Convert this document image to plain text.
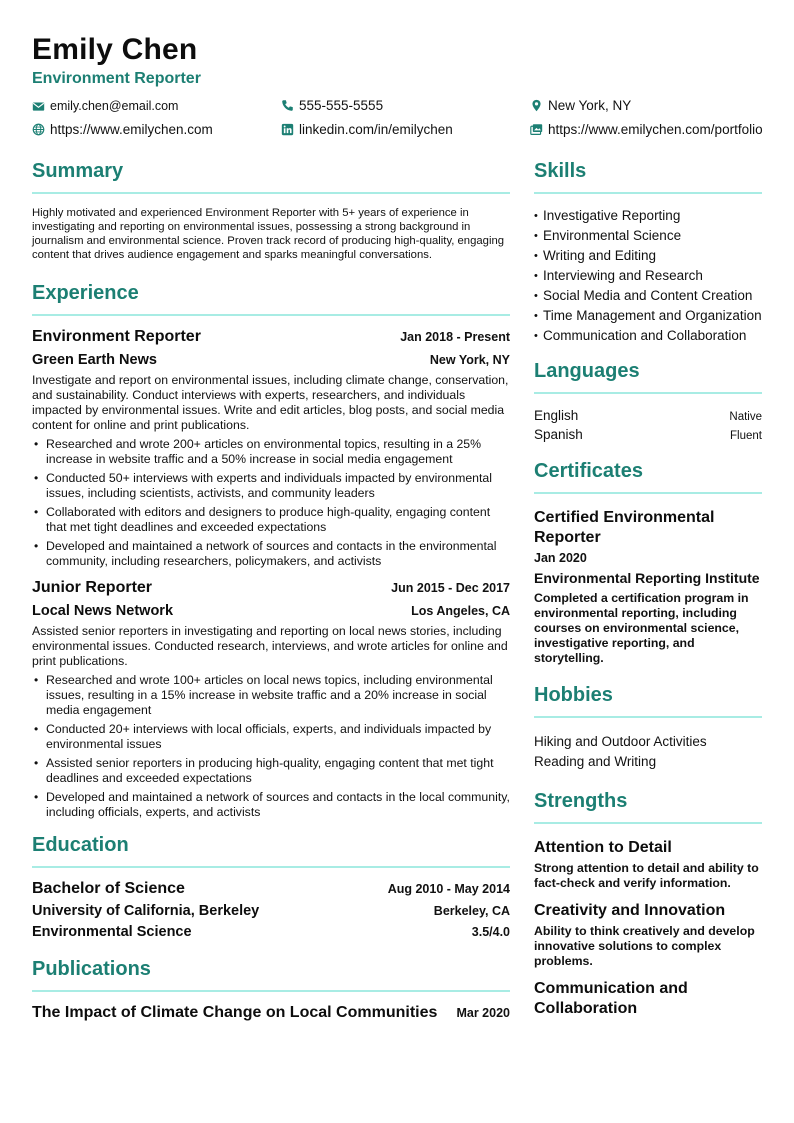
Emily Chen
Environment Reporter
emily.chen@email.com	555-555-5555	New York, NY
https://www.emilychen.com	linkedin.com/in/emilychen	https://www.emilychen.com/portfolio
Summary
Highly motivated and experienced Environment Reporter with 5+ years of experience in investigating and reporting on environmental issues, possessing a strong background in journalism and environmental science. Proven track record of producing high-quality, engaging content that drives audience engagement and sparks meaningful conversations.
Experience
Environment Reporter	Jan 2018 - Present
Green Earth News	New York, NY
Investigate and report on environmental issues, including climate change, conservation, and sustainability. Conduct interviews with experts, researchers, and individuals impacted by environmental issues. Write and edit articles, blog posts, and social media content for online and print publications.
• Researched and wrote 200+ articles on environmental topics, resulting in a 25% increase in website traffic and a 50% increase in social media engagement
• Conducted 50+ interviews with experts and individuals impacted by environmental issues, including scientists, activists, and community leaders
• Collaborated with editors and designers to produce high-quality, engaging content that met tight deadlines and exceeded expectations
• Developed and maintained a network of sources and contacts in the environmental community, including researchers, policymakers, and activists
Junior Reporter	Jun 2015 - Dec 2017
Local News Network	Los Angeles, CA
Assisted senior reporters in investigating and reporting on local news stories, including environmental issues. Conducted research, interviews, and wrote articles for online and print publications.
• Researched and wrote 100+ articles on local news topics, including environmental issues, resulting in a 15% increase in website traffic and a 20% increase in social media engagement
• Conducted 20+ interviews with local officials, experts, and individuals impacted by environmental issues
• Assisted senior reporters in producing high-quality, engaging content that met tight deadlines and exceeded expectations
• Developed and maintained a network of sources and contacts in the local community, including officials, experts, and activists
Education
Bachelor of Science	Aug 2010 - May 2014
University of California, Berkeley	Berkeley, CA
Environmental Science	3.5/4.0
Publications
The Impact of Climate Change on Local Communities Mar 2020
Skills
• Investigative Reporting
• Environmental Science
• Writing and Editing
• Interviewing and Research
• Social Media and Content Creation
• Time Management and Organization
• Communication and Collaboration
Languages
English	Native
Spanish	Fluent
Certificates
Certified Environmental Reporter
Jan 2020
Environmental Reporting Institute
Completed a certification program in environmental reporting, including courses on environmental science, investigative reporting, and storytelling.
Hobbies
Hiking and Outdoor Activities
Reading and Writing
Strengths
Attention to Detail
Strong attention to detail and ability to fact-check and verify information.
Creativity and Innovation
Ability to think creatively and develop innovative solutions to complex problems.
Communication and Collaboration
